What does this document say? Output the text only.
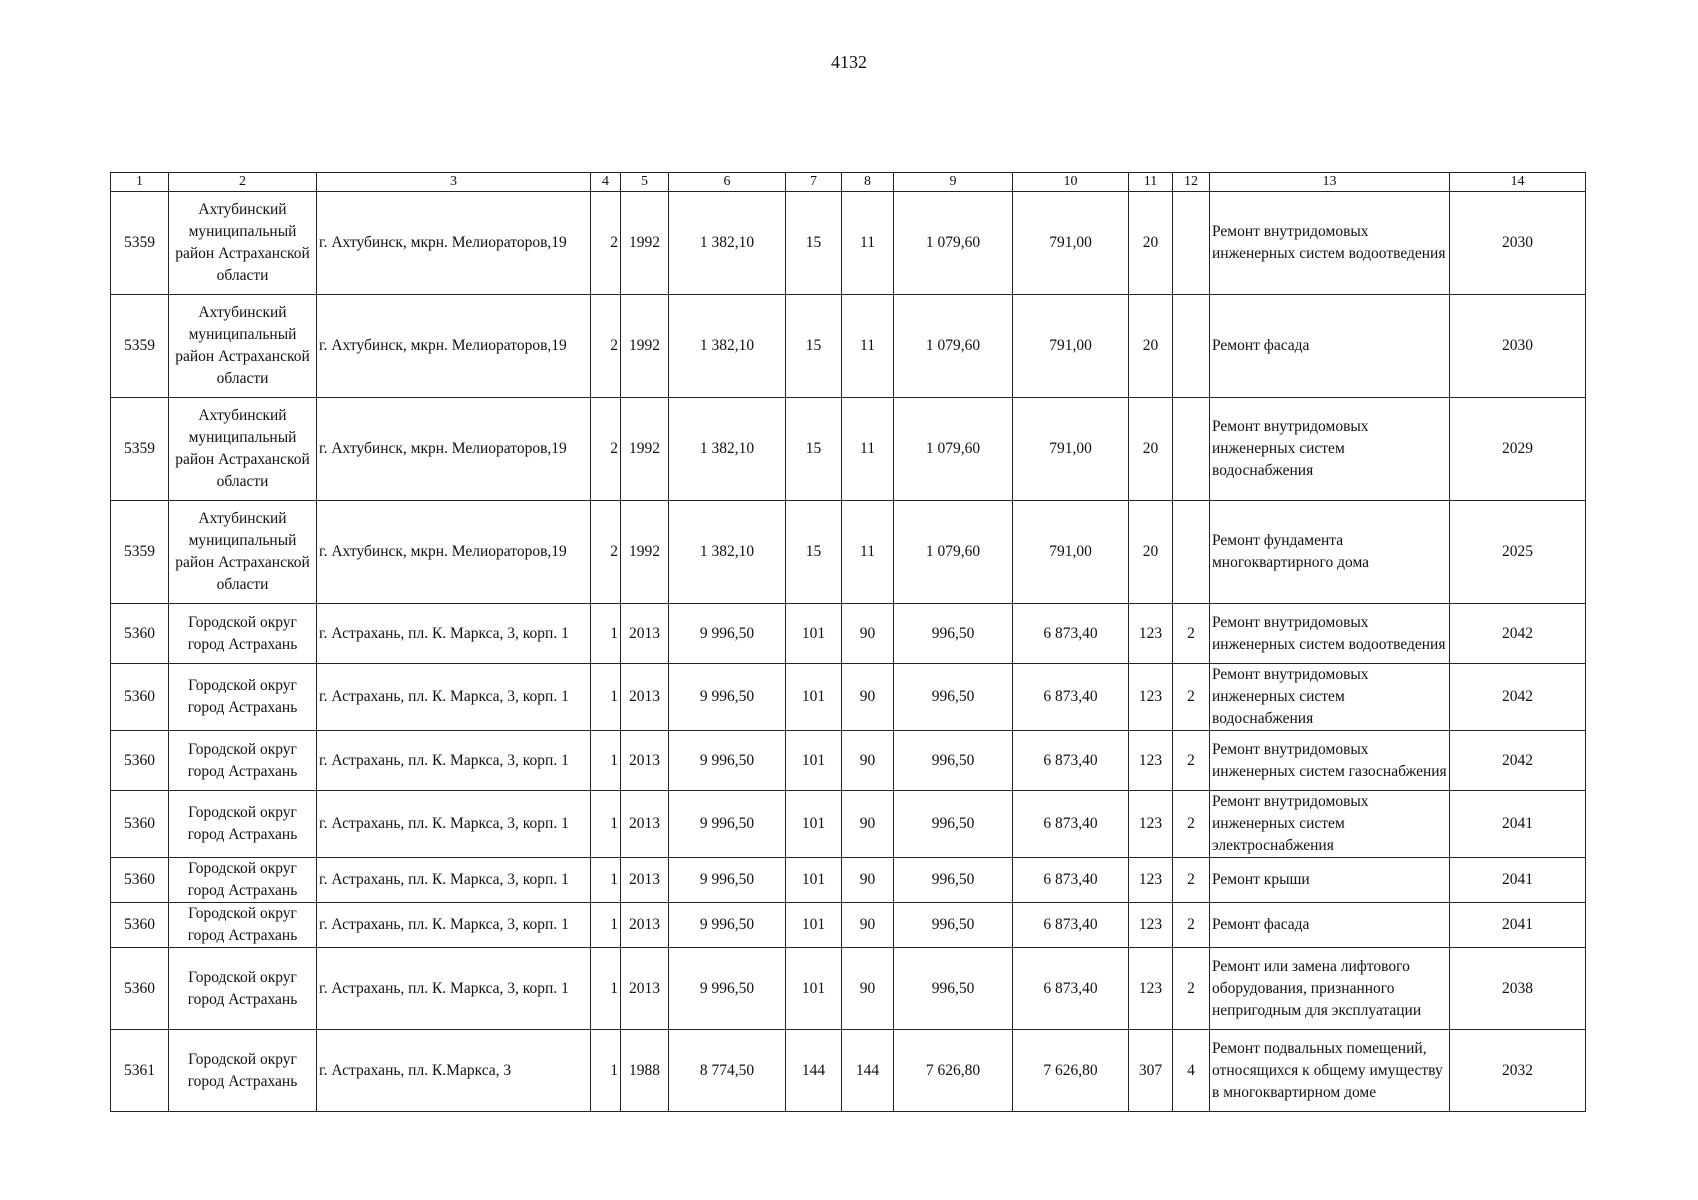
4132
1	2	3	4	5	6	7	8	9	10	11	12	13	14
5359	Ахтубинский муниципальный район Астраханской области	г. Ахтубинск, мкрн. Мелиораторов,19	2	1992	1 382,10	15	11	1 079,60	791,00	20		Ремонт внутридомовых инженерных систем водоотведения	2030
5359	Ахтубинский муниципальный район Астраханской области	г. Ахтубинск, мкрн. Мелиораторов,19	2	1992	1 382,10	15	11	1 079,60	791,00	20		Ремонт фасада	2030
5359	Ахтубинский муниципальный район Астраханской области	г. Ахтубинск, мкрн. Мелиораторов,19	2	1992	1 382,10	15	11	1 079,60	791,00	20		Ремонт внутридомовых инженерных систем водоснабжения	2029
5359	Ахтубинский муниципальный район Астраханской области	г. Ахтубинск, мкрн. Мелиораторов,19	2	1992	1 382,10	15	11	1 079,60	791,00	20		Ремонт фундамента многоквартирного дома	2025
5360	Городской округ город Астрахань	г. Астрахань, пл. К. Маркса, 3, корп. 1	1	2013	9 996,50	101	90	996,50	6 873,40	123	2	Ремонт внутридомовых инженерных систем водоотведения	2042
5360	Городской округ город Астрахань	г. Астрахань, пл. К. Маркса, 3, корп. 1	1	2013	9 996,50	101	90	996,50	6 873,40	123	2	Ремонт внутридомовых инженерных систем водоснабжения	2042
5360	Городской округ город Астрахань	г. Астрахань, пл. К. Маркса, 3, корп. 1	1	2013	9 996,50	101	90	996,50	6 873,40	123	2	Ремонт внутридомовых инженерных систем газоснабжения	2042
5360	Городской округ город Астрахань	г. Астрахань, пл. К. Маркса, 3, корп. 1	1	2013	9 996,50	101	90	996,50	6 873,40	123	2	Ремонт внутридомовых инженерных систем электроснабжения	2041
5360	Городской округ город Астрахань	г. Астрахань, пл. К. Маркса, 3, корп. 1	1	2013	9 996,50	101	90	996,50	6 873,40	123	2	Ремонт крыши	2041
5360	Городской округ город Астрахань	г. Астрахань, пл. К. Маркса, 3, корп. 1	1	2013	9 996,50	101	90	996,50	6 873,40	123	2	Ремонт фасада	2041
5360	Городской округ город Астрахань	г. Астрахань, пл. К. Маркса, 3, корп. 1	1	2013	9 996,50	101	90	996,50	6 873,40	123	2	Ремонт или замена лифтового оборудования, признанного непригодным для эксплуатации	2038
5361	Городской округ город Астрахань	г. Астрахань, пл. К.Маркса, 3	1	1988	8 774,50	144	144	7 626,80	7 626,80	307	4	Ремонт подвальных помещений, относящихся к общему имуществу в многоквартирном доме	2032
